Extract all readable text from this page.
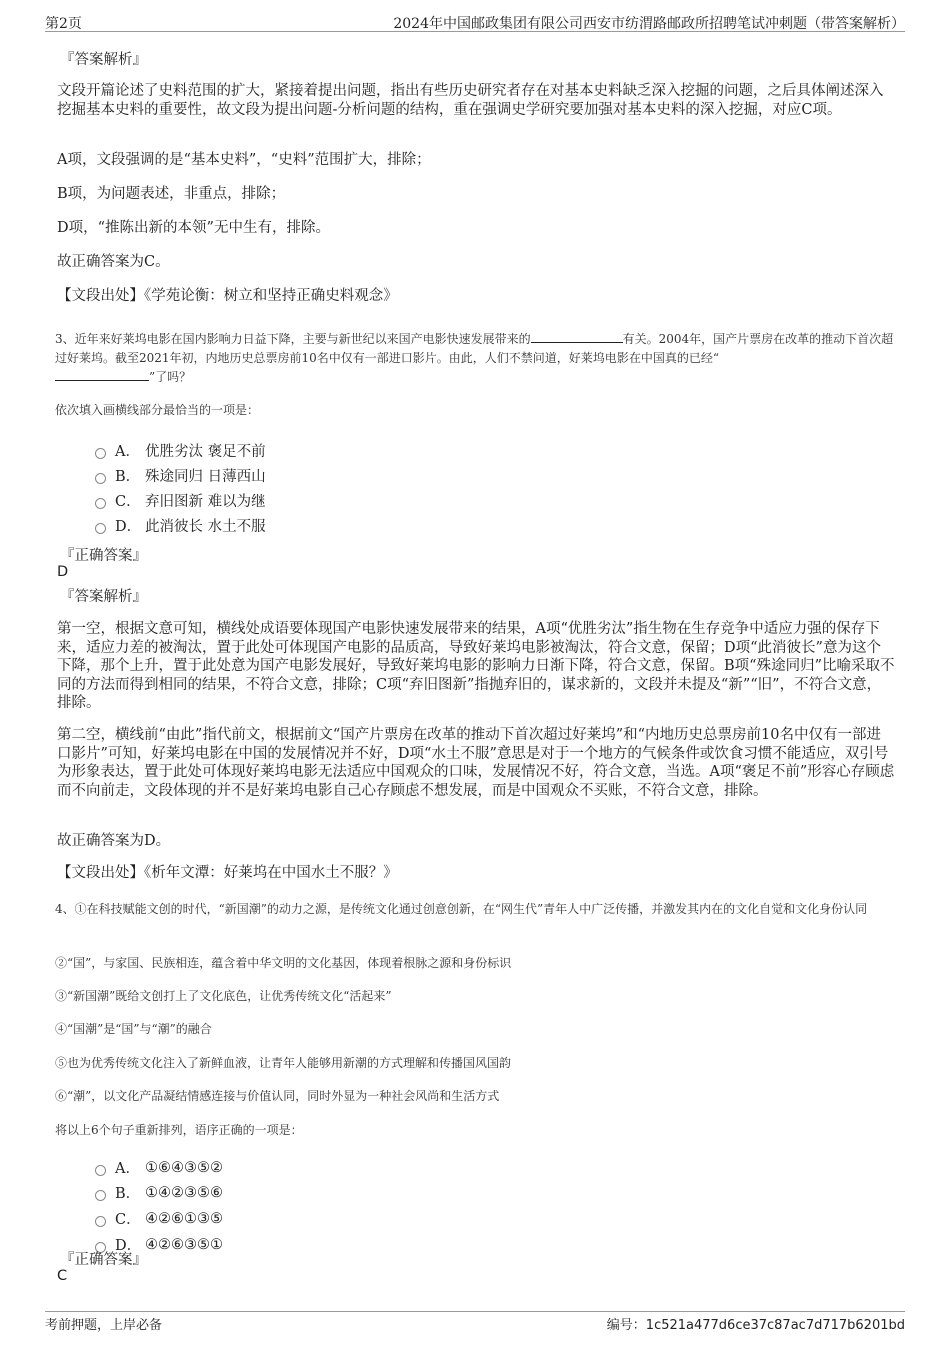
第2页	2024年中国邮政集团有限公司西安市纺渭路邮政所招聘笔试冲刺题（带答案解析）
『答案解析』
文段开篇论述了史料范围的扩大，紧接着提出问题，指出有些历史研究者存在对基本史料缺乏深入挖掘的问题，之后具体阐述深入挖掘基本史料的重要性，故文段为提出问题-分析问题的结构，重在强调史学研究要加强对基本史料的深入挖掘，对应C项。
A项，文段强调的是“基本史料”，“史料”范围扩大，排除；
B项，为问题表述，非重点，排除；
D项，“推陈出新的本领”无中生有，排除。
故正确答案为C。
【文段出处】《学苑论衡：树立和坚持正确史料观念》
3、近年来好莱坞电影在国内影响力日益下降，主要与新世纪以来国产电影快速发展带来的	有关。2004年，国产片票房在改革的推动下首次超过好莱坞。截至2021年初，内地历史总票房前10名中仅有一部进口影片。由此，人们不禁问道，好莱坞电影在中国真的已经“
”了吗？
依次填入画横线部分最恰当的一项是：
A． 优胜劣汰 褒足不前
B． 殊途同归 日薄西山
C． 弃旧图新 难以为继
D． 此消彼长 水土不服
『正确答案』
D
『答案解析』
第一空，根据文意可知，横线处成语要体现国产电影快速发展带来的结果，A项“优胜劣汰”指生物在生存竞争中适应力强的保存下来，适应力差的被淘汰，置于此处可体现国产电影的品质高，导致好莱坞电影被淘汰，符合文意，保留；D项“此消彼长”意为这个下降，那个上升，置于此处意为国产电影发展好，导致好莱坞电影的影响力日渐下降，符合文意，保留。B项“殊途同归”比喻采取不同的方法而得到相同的结果，不符合文意，排除；C项“弃旧图新”指抛弃旧的，谋求新的，文段并未提及“新”“旧”，不符合文意，排除。
第二空，横线前“由此”指代前文，根据前文“国产片票房在改革的推动下首次超过好莱坞”和“内地历史总票房前10名中仅有一部进口影片”可知，好莱坞电影在中国的发展情况并不好，D项“水土不服”意思是对于一个地方的气候条件或饮食习惯不能适应，双引号为形象表达，置于此处可体现好莱坞电影无法适应中国观众的口味，发展情况不好，符合文意，当选。A项“褒足不前”形容心存顾虑而不向前走，文段体现的并不是好莱坞电影自己心存顾虑不想发展，而是中国观众不买账，不符合文意，排除。
故正确答案为D。
【文段出处】《析年文潭：好莱坞在中国水土不服？》
4、①在科技赋能文创的时代，“新国潮”的动力之源，是传统文化通过创意创新，在“网生代”青年人中广泛传播，并激发其内在的文化自觉和文化身份认同
②“国”，与家国、民族相连，蕴含着中华文明的文化基因，体现着根脉之源和身份标识
③“新国潮”既给文创打上了文化底色，让优秀传统文化“活起来”
④“国潮”是“国”与“潮”的融合
⑤也为优秀传统文化注入了新鲜血液，让青年人能够用新潮的方式理解和传播国风国韵
⑥“潮”，以文化产品凝结情感连接与价值认同，同时外显为一种社会风尚和生活方式
将以上6个句子重新排列，语序正确的一项是：
A． ①⑥④③⑤②
B． ①④②③⑤⑥
C． ④②⑥①③⑤
D． ④②⑥③⑤①
『正确答案』
C
考前押题，上岸必备	编号：1c521a477d6ce37c87ac7d717b6201bd
